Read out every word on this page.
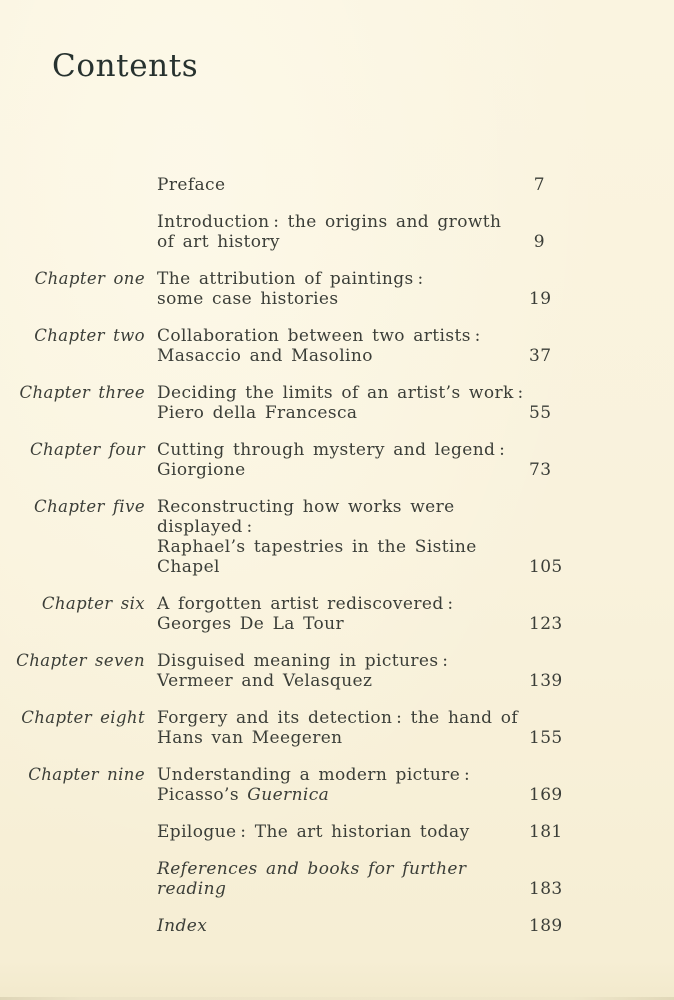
Contents
Preface	7
Introduction : the origins and growth
of art history	9
Chapter one The attribution of paintings :
some case histories	19
Chapter two Collaboration between two artists :
Masaccio and Masolino	37
Chapter three Deciding the limits of an artist’s work :
Piero della Francesca	55
Chapter four Cutting through mystery and legend :
Giorgione	73
Chapter five Reconstructing how works were displayed :
Raphael’s tapestries in the Sistine Chapel	105
Chapter six A forgotten artist rediscovered :
Georges De La Tour	123
Chapter seven Disguised meaning in pictures :
Vermeer and Velasquez	139
Chapter eight Forgery and its detection : the hand of
Hans van Meegeren	155
Chapter nine Understanding a modern picture :
Picasso’s Guernica	169
Epilogue : The art historian today	181
References and books for further reading	183
Index	189
